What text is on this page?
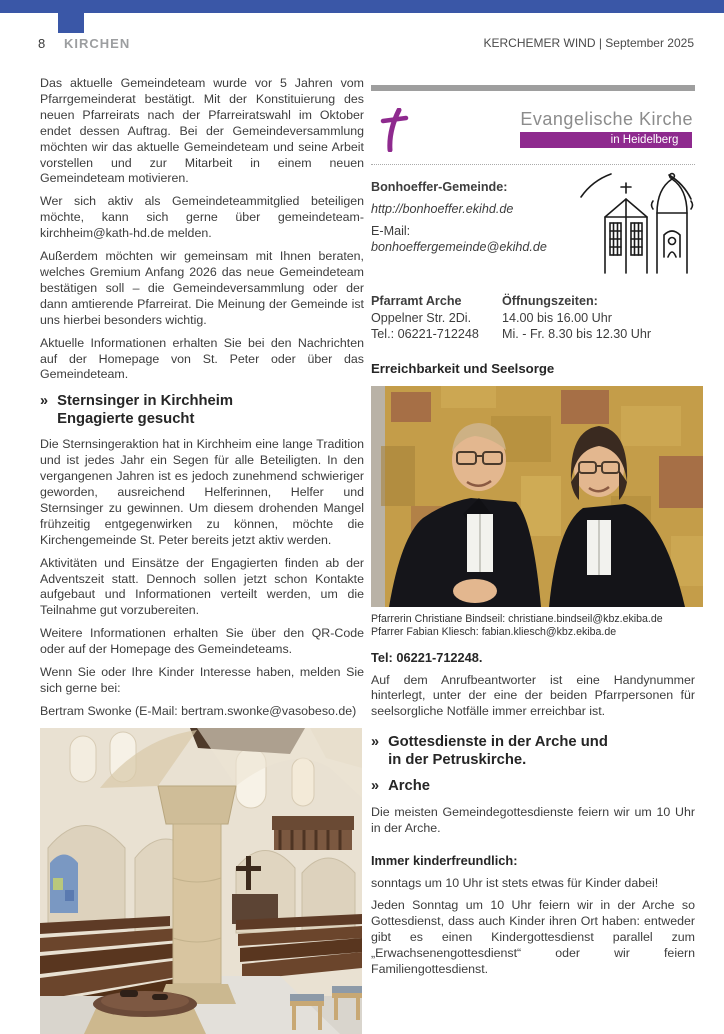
8 KIRCHEN	KERCHEMER WIND | September 2025

Das aktuelle Gemeindeteam wurde vor 5 Jahren vom Pfarrgemeinderat bestätigt. Mit der Konstituierung des neuen Pfarreirats nach der Pfarreiratswahl im Oktober endet dessen Auftrag. Bei der Gemeindeversammlung möchten wir das aktuelle Gemeindeteam und seine Arbeit vorstellen und zur Mitarbeit in einem neuen Gemeindeteam motivieren.

Wer sich aktiv als Gemeindeteammitglied beteiligen möchte, kann sich gerne über gemeindeteam-kirchheim@kath-hd.de melden.

Außerdem möchten wir gemeinsam mit Ihnen beraten, welches Gremium Anfang 2026 das neue Gemeindeteam bestätigen soll – die Gemeindeversammlung oder der dann amtierende Pfarreirat. Die Meinung der Gemeinde ist uns hierbei besonders wichtig.

Aktuelle Informationen erhalten Sie bei den Nachrichten auf der Homepage von St. Peter oder über das Gemeindeteam.

» Sternsinger in Kirchheim
Engagierte gesucht

Die Sternsingeraktion hat in Kirchheim eine lange Tradition und ist jedes Jahr ein Segen für alle Beteiligten. In den vergangenen Jahren ist es jedoch zunehmend schwieriger geworden, ausreichend Helferinnen, Helfer und Sternsinger zu gewinnen. Um diesem drohenden Mangel frühzeitig entgegenwirken zu können, möchte die Kirchengemeinde St. Peter bereits jetzt aktiv werden.

Aktivitäten und Einsätze der Engagierten finden ab der Adventszeit statt. Dennoch sollen jetzt schon Kontakte aufgebaut und Informationen verteilt werden, um die Teilnahme gut vorzubereiten.

Weitere Informationen erhalten Sie über den QR-Code oder auf der Homepage des Gemeindeteams.

Wenn Sie oder Ihre Kinder Interesse haben, melden Sie sich gerne bei:

Bertram Swonke (E-Mail: bertram.swonke@vasobeso.de)

Evangelische Kirche
in Heidelberg
Bonhoeffer-Gemeinde:
http://bonhoeffer.ekihd.de
E-Mail: bonhoeffergemeinde@ekihd.de
Pfarramt Arche
Oppelner Str. 2Di.
Tel.: 06221-712248
Öffnungszeiten:
14.00 bis 16.00 Uhr
Mi. - Fr. 8.30 bis 12.30 Uhr
Erreichbarkeit und Seelsorge
Pfarrerin Christiane Bindseil: christiane.bindseil@kbz.ekiba.de
Pfarrer Fabian Kliesch: fabian.kliesch@kbz.ekiba.de
Tel: 06221-712248.

Auf dem Anrufbeantworter ist eine Handynummer hinterlegt, unter der eine der beiden Pfarrpersonen für seelsorgliche Notfälle immer erreichbar ist.

» Gottesdienste in der Arche und
in der Petruskirche.
» Arche

Die meisten Gemeindegottesdienste feiern wir um 10 Uhr in der Arche.

Immer kinderfreundlich:

sonntags um 10 Uhr ist stets etwas für Kinder dabei!

Jeden Sonntag um 10 Uhr feiern wir in der Arche so Gottesdienst, dass auch Kinder ihren Ort haben: entweder gibt es einen Kindergottesdienst parallel zum „Erwachsenengottesdienst“ oder wir feiern Familiengottesdienst.
